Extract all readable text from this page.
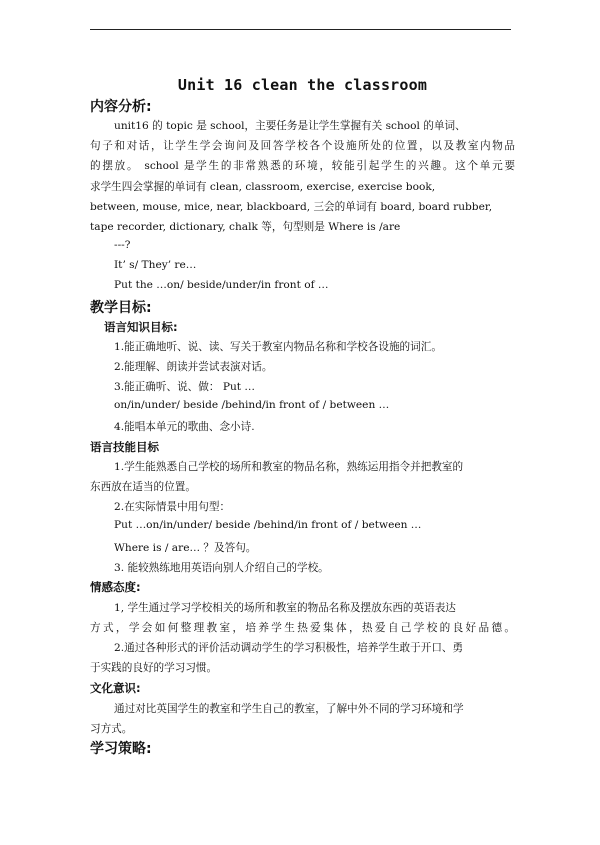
Unit 16 clean the classroom
内容分析:
unit16 的 topic 是 school，主要任务是让学生掌握有关 school 的单词、
句子和对话，让学生学会询问及回答学校各个设施所处的位置，以及教室内物品
的摆放。 school 是学生的非常熟悉的环境，较能引起学生的兴趣。这个单元要
求学生四会掌握的单词有 clean, classroom, exercise, exercise book,
between, mouse, mice, near, blackboard, 三会的单词有 board, board rubber,
tape recorder, dictionary, chalk 等，句型则是 Where is /are
---?
It’ s/ They’ re…
Put the …on/ beside/under/in front of …
教学目标:
语言知识目标:
1.能正确地听、说、读、写关于教室内物品名称和学校各设施的词汇。
2.能理解、朗读并尝试表演对话。
3.能正确听、说、做： Put …
on/in/under/ beside /behind/in front of / between …
4.能唱本单元的歌曲、念小诗.
语言技能目标
1.学生能熟悉自己学校的场所和教室的物品名称，熟练运用指令并把教室的
东西放在适当的位置。
2.在实际情景中用句型：
Put …on/in/under/ beside /behind/in front of / between …
Where is / are… ？及答句。
3. 能较熟练地用英语向别人介绍自己的学校。
情感态度:
1, 学生通过学习学校相关的场所和教室的物品名称及摆放东西的英语表达
方式，学会如何整理教室，培养学生热爱集体，热爱自己学校的良好品德。
2.通过各种形式的评价活动调动学生的学习积极性，培养学生敢于开口、勇
于实践的良好的学习习惯。
文化意识:
通过对比英国学生的教室和学生自己的教室，了解中外不同的学习环境和学
习方式。
学习策略:
